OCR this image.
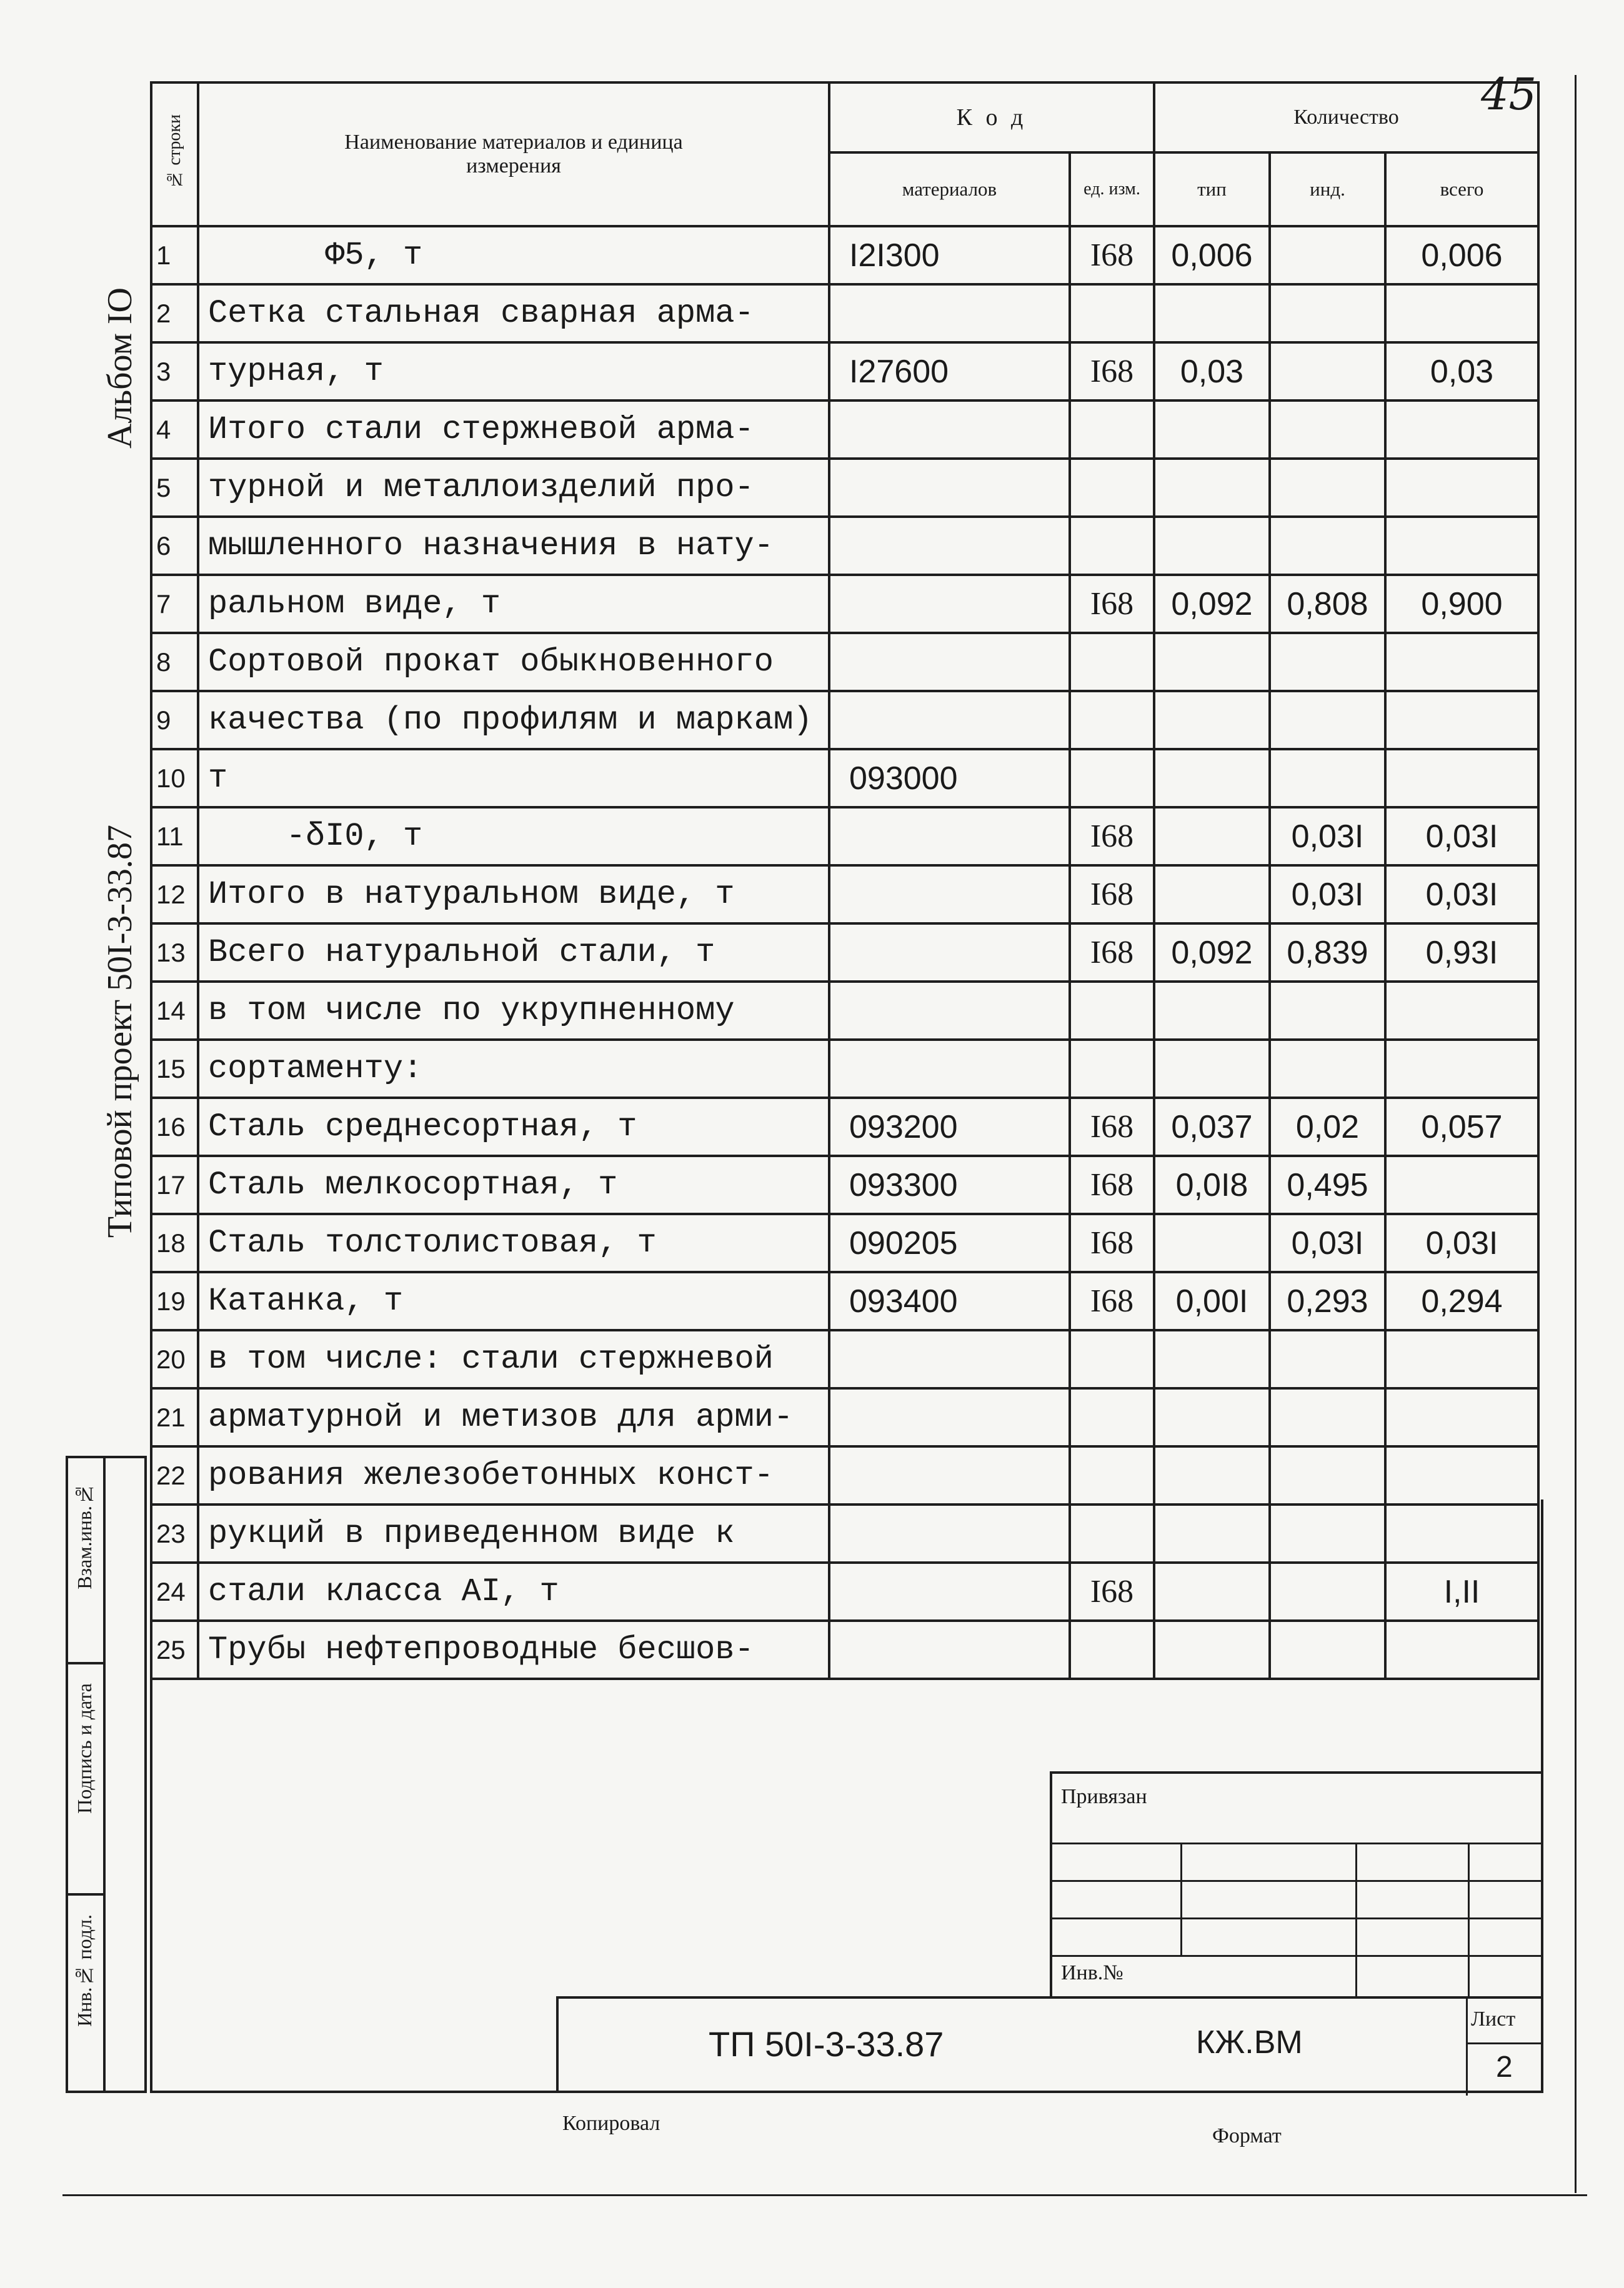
45
Альбом IO
Типовой проект 50I-3-33.87
Взам.инв.№
Подпись и дата
Инв.№ подл.
№ строки	Наименование материалов и единица измерения	К о д		Количество		
		материалов	ед. изм.	тип	инд.	всего
1	Ф5, т	I2I300	I68	0,006		0,006
2	Сетка стальная сварная арма-					
3	турная, т	I27600	I68	0,03		0,03
4	Итого стали стержневой арма-					
5	турной и металлоизделий про-					
6	мышленного назначения в нату-					
7	ральном виде, т		I68	0,092	0,808	0,900
8	Сортовой прокат обыкновенного					
9	качества (по профилям и маркам)					
10	т	093000				
11	-δI0, т		I68		0,03I	0,03I
12	Итого в натуральном виде, т		I68		0,03I	0,03I
13	Всего натуральной стали, т		I68	0,092	0,839	0,93I
14	в том числе по укрупненному					
15	сортаменту:					
16	Сталь среднесортная, т	093200	I68	0,037	0,02	0,057
17	Сталь мелкосортная, т	093300	I68	0,0I8	0,495	
18	Сталь толстолистовая, т	090205	I68		0,03I	0,03I
19	Катанка, т	093400	I68	0,00I	0,293	0,294
20	в том числе: стали стержневой					
21	арматурной и метизов для арми-					
22	рования железобетонных конст-					
23	рукций в приведенном виде к					
24	стали класса АI, т		I68			I,II
25	Трубы нефтепроводные бесшов-					
Привязан
Инв.№
ТП 50I-3-33.87	КЖ.ВМ
Лист
2
Копировал
Формат
